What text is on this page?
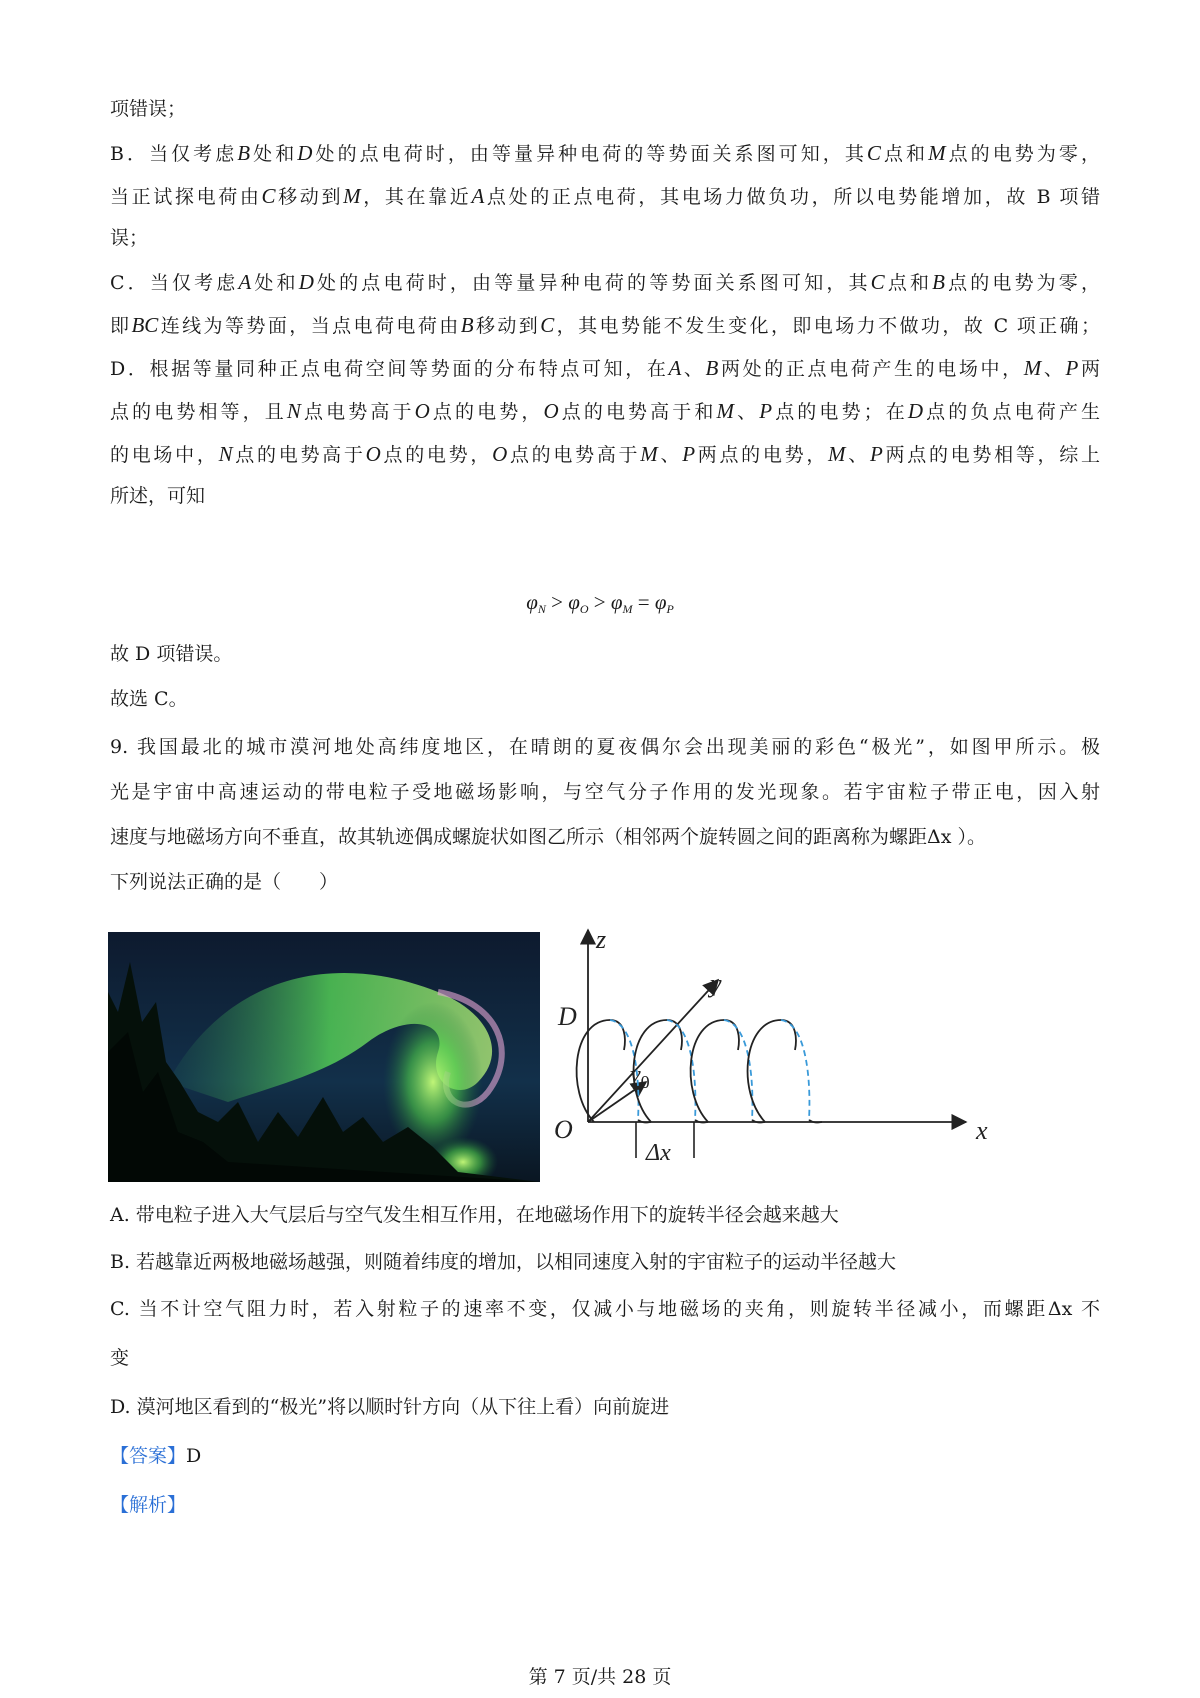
项错误；
B．当仅考虑B处和D处的点电荷时，由等量异种电荷的等势面关系图可知，其C点和M点的电势为零，
当正试探电荷由C移动到M，其在靠近A点处的正点电荷，其电场力做负功，所以电势能增加，故 B 项错
误；
C．当仅考虑A处和D处的点电荷时，由等量异种电荷的等势面关系图可知，其C点和B点的电势为零，
即BC连线为等势面，当点电荷电荷由B移动到C，其电势能不发生变化，即电场力不做功，故 C 项正确；
D．根据等量同种正点电荷空间等势面的分布特点可知，在A、B两处的正点电荷产生的电场中，M、P两
点的电势相等，且N点电势高于O点的电势，O点的电势高于和M、P点的电势；在D点的负点电荷产生
的电场中，N点的电势高于O点的电势，O点的电势高于M、P两点的电势，M、P两点的电势相等，综上
所述，可知
$\varphi_N > \varphi_O > \varphi_M = \varphi_P$
故 D 项错误。
故选 C。
9. 我国最北的城市漠河地处高纬度地区，在晴朗的夏夜偶尔会出现美丽的彩色“极光”，如图甲所示。极
光是宇宙中高速运动的带电粒子受地磁场影响，与空气分子作用的发光现象。若宇宙粒子带正电，因入射
速度与地磁场方向不垂直，故其轨迹偶成螺旋状如图乙所示（相邻两个旋转圆之间的距离称为螺距Δx ）。
下列说法正确的是（　　）
z
y
x
D
O
$v_0$
Δx
A. 带电粒子进入大气层后与空气发生相互作用，在地磁场作用下的旋转半径会越来越大
B. 若越靠近两极地磁场越强，则随着纬度的增加，以相同速度入射的宇宙粒子的运动半径越大
C. 当不计空气阻力时，若入射粒子的速率不变，仅减小与地磁场的夹角，则旋转半径减小，而螺距Δx 不
变
D. 漠河地区看到的“极光”将以顺时针方向（从下往上看）向前旋进
【答案】D
【解析】
第 7 页/共 28 页
